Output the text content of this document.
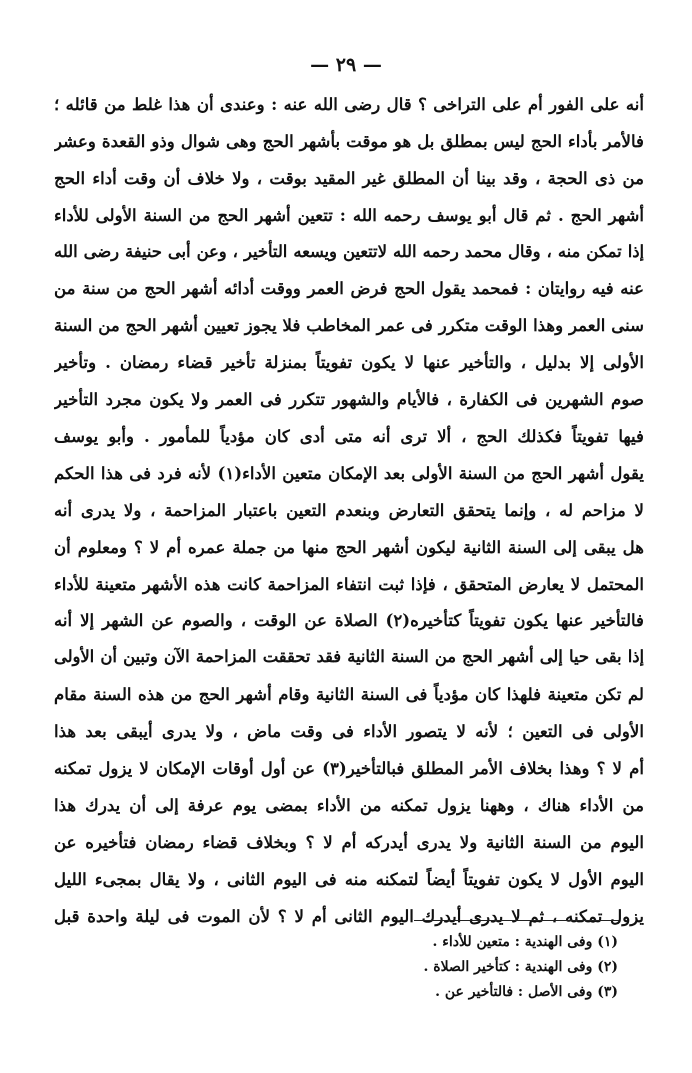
— ٢٩ —
أنه على الفور أم على التراخى ؟ قال رضى الله عنه : وعندى أن هذا غلط من قائله ؛
فالأمر بأداء الحج ليس بمطلق بل هو موقت بأشهر الحج وهى شوال وذو القعدة وعشر
من ذى الحجة ، وقد بينا أن المطلق غير المقيد بوقت ، ولا خلاف أن وقت أداء الحج
أشهر الحج . ثم قال أبو يوسف رحمه الله : تتعين أشهر الحج من السنة الأولى للأداء
إذا تمكن منه ، وقال محمد رحمه الله لاتتعين ويسعه التأخير ، وعن أبى حنيفة رضى الله
عنه فيه روايتان : فمحمد يقول الحج فرض العمر ووقت أدائه أشهر الحج من سنة من
سنى العمر وهذا الوقت متكرر فى عمر المخاطب فلا يجوز تعيين أشهر الحج من السنة
الأولى إلا بدليل ، والتأخير عنها لا يكون تفويتاً بمنزلة تأخير قضاء رمضان . وتأخير
صوم الشهرين فى الكفارة ، فالأيام والشهور تتكرر فى العمر ولا يكون مجرد التأخير
فيها تفويتاً فكذلك الحج ، ألا ترى أنه متى أدى كان مؤدياً للمأمور . وأبو يوسف
يقول أشهر الحج من السنة الأولى بعد الإمكان متعين الأداء(١) لأنه فرد فى هذا الحكم
لا مزاحم له ، وإنما يتحقق التعارض وبنعدم التعين باعتبار المزاحمة ، ولا يدرى أنه
هل يبقى إلى السنة الثانية ليكون أشهر الحج منها من جملة عمره أم لا ؟ ومعلوم أن
المحتمل لا يعارض المتحقق ، فإذا ثبت انتفاء المزاحمة كانت هذه الأشهر متعينة للأداء
فالتأخير عنها يكون تفويتاً كتأخيره(٢) الصلاة عن الوقت ، والصوم عن الشهر إلا أنه
إذا بقى حيا إلى أشهر الحج من السنة الثانية فقد تحققت المزاحمة الآن وتبين أن الأولى
لم تكن متعينة فلهذا كان مؤدياً فى السنة الثانية وقام أشهر الحج من هذه السنة مقام
الأولى فى التعين ؛ لأنه لا يتصور الأداء فى وقت ماض ، ولا يدرى أيبقى بعد هذا
أم لا ؟ وهذا بخلاف الأمر المطلق فبالتأخير(٣) عن أول أوقات الإمكان لا يزول تمكنه
من الأداء هناك ، وههنا يزول تمكنه من الأداء بمضى يوم عرفة إلى أن يدرك هذا
اليوم من السنة الثانية ولا يدرى أيدركه أم لا ؟ وبخلاف قضاء رمضان فتأخيره عن
اليوم الأول لا يكون تفويتاً أيضاً لتمكنه منه فى اليوم الثانى ، ولا يقال بمجىء الليل
يزول تمكنه ، ثم لا يدرى أيدرك اليوم الثانى أم لا ؟ لأن الموت فى ليلة واحدة قبل
(١) وفى الهندية : متعين للأداء .
(٢) وفى الهندية : كتأخير الصلاة .
(٣) وفى الأصل : فالتأخير عن .
